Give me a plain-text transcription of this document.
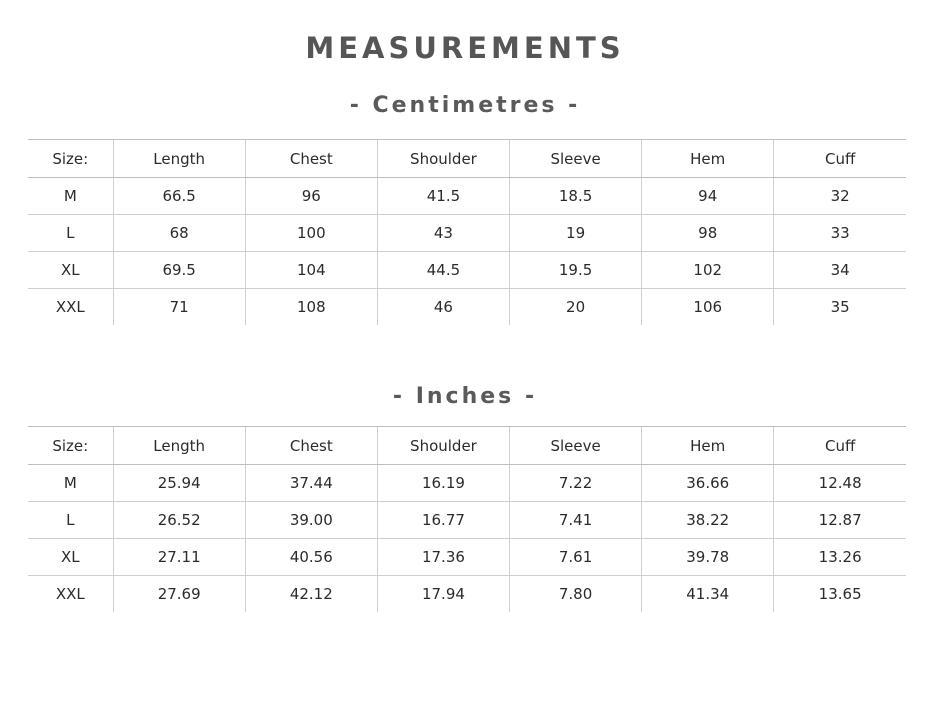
MEASUREMENTS
- Centimetres -
Size:	Length	Chest	Shoulder	Sleeve	Hem	Cuff
M	66.5	96	41.5	18.5	94	32
L	68	100	43	19	98	33
XL	69.5	104	44.5	19.5	102	34
XXL	71	108	46	20	106	35
- Inches -
Size:	Length	Chest	Shoulder	Sleeve	Hem	Cuff
M	25.94	37.44	16.19	7.22	36.66	12.48
L	26.52	39.00	16.77	7.41	38.22	12.87
XL	27.11	40.56	17.36	7.61	39.78	13.26
XXL	27.69	42.12	17.94	7.80	41.34	13.65
